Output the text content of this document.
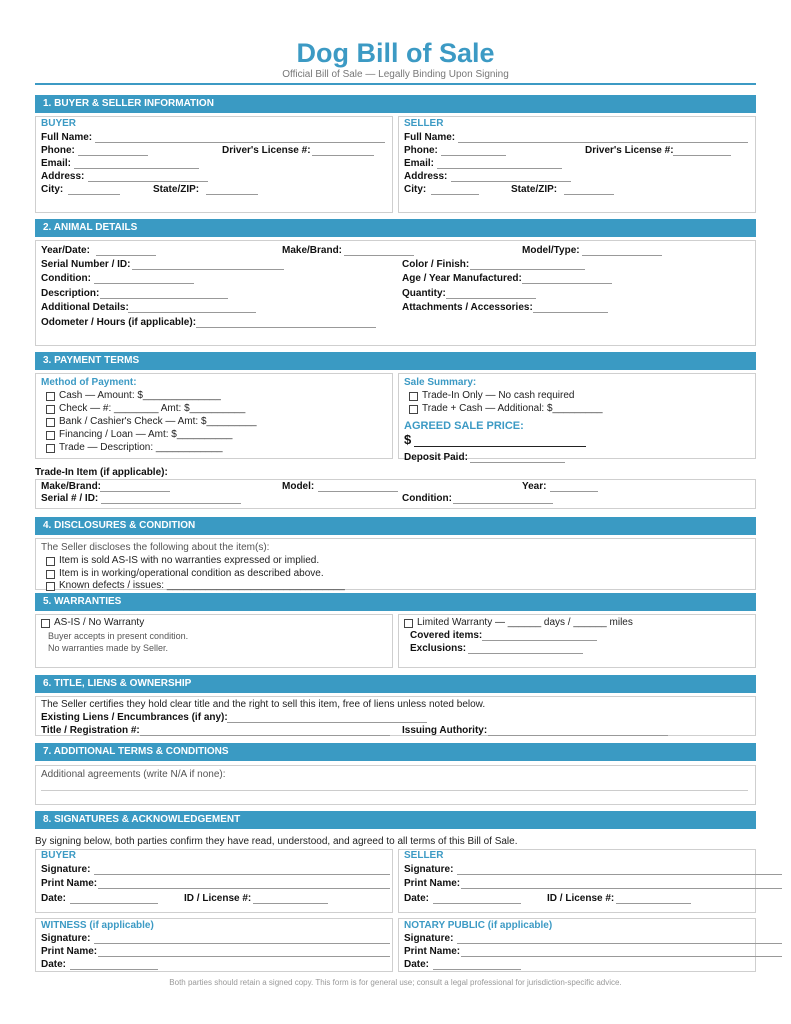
Dog Bill of Sale
Official Bill of Sale — Legally Binding Upon Signing
1. BUYER & SELLER INFORMATION
BUYER
Full Name:
Phone:	Driver's License #:
Email:
Address:
City:	State/ZIP:
SELLER
Full Name:
Phone:	Driver's License #:
Email:
Address:
City:	State/ZIP:
2. ANIMAL DETAILS
Year/Date:	Make/Brand:	Model/Type:
Serial Number / ID:	Color / Finish:
Condition:	Age / Year Manufactured:
Description:	Quantity:
Additional Details:	Attachments / Accessories:
Odometer / Hours (if applicable):
3. PAYMENT TERMS
Method of Payment:
Cash — Amount: $______________
Check — #: ________ Amt: $__________
Bank / Cashier's Check — Amt: $_________
Financing / Loan — Amt: $__________
Trade — Description: ____________
Sale Summary:
Trade-In Only — No cash required
Trade + Cash — Additional: $_________
AGREED SALE PRICE:
$
Deposit Paid:
Trade-In Item (if applicable):
Make/Brand:	Model:	Year:
Serial # / ID:	Condition:
4. DISCLOSURES & CONDITION
The Seller discloses the following about the item(s):
Item is sold AS-IS with no warranties expressed or implied.
Item is in working/operational condition as described above.
Known defects / issues: ________________________________
5. WARRANTIES
AS-IS / No Warranty
Buyer accepts in present condition.
No warranties made by Seller.
Limited Warranty — ______ days / ______ miles
Covered items:
Exclusions:
6. TITLE, LIENS & OWNERSHIP
The Seller certifies they hold clear title and the right to sell this item, free of liens unless noted below.
Existing Liens / Encumbrances (if any):
Title / Registration #:	Issuing Authority:
7. ADDITIONAL TERMS & CONDITIONS
Additional agreements (write N/A if none):
8. SIGNATURES & ACKNOWLEDGEMENT
By signing below, both parties confirm they have read, understood, and agreed to all terms of this Bill of Sale.
BUYER
Signature:
Print Name:
Date:	ID / License #:
SELLER
Signature:
Print Name:
Date:	ID / License #:
WITNESS (if applicable)
Signature:
Print Name:
Date:
NOTARY PUBLIC (if applicable)
Signature:
Print Name:
Date:
Both parties should retain a signed copy. This form is for general use; consult a legal professional for jurisdiction-specific advice.
